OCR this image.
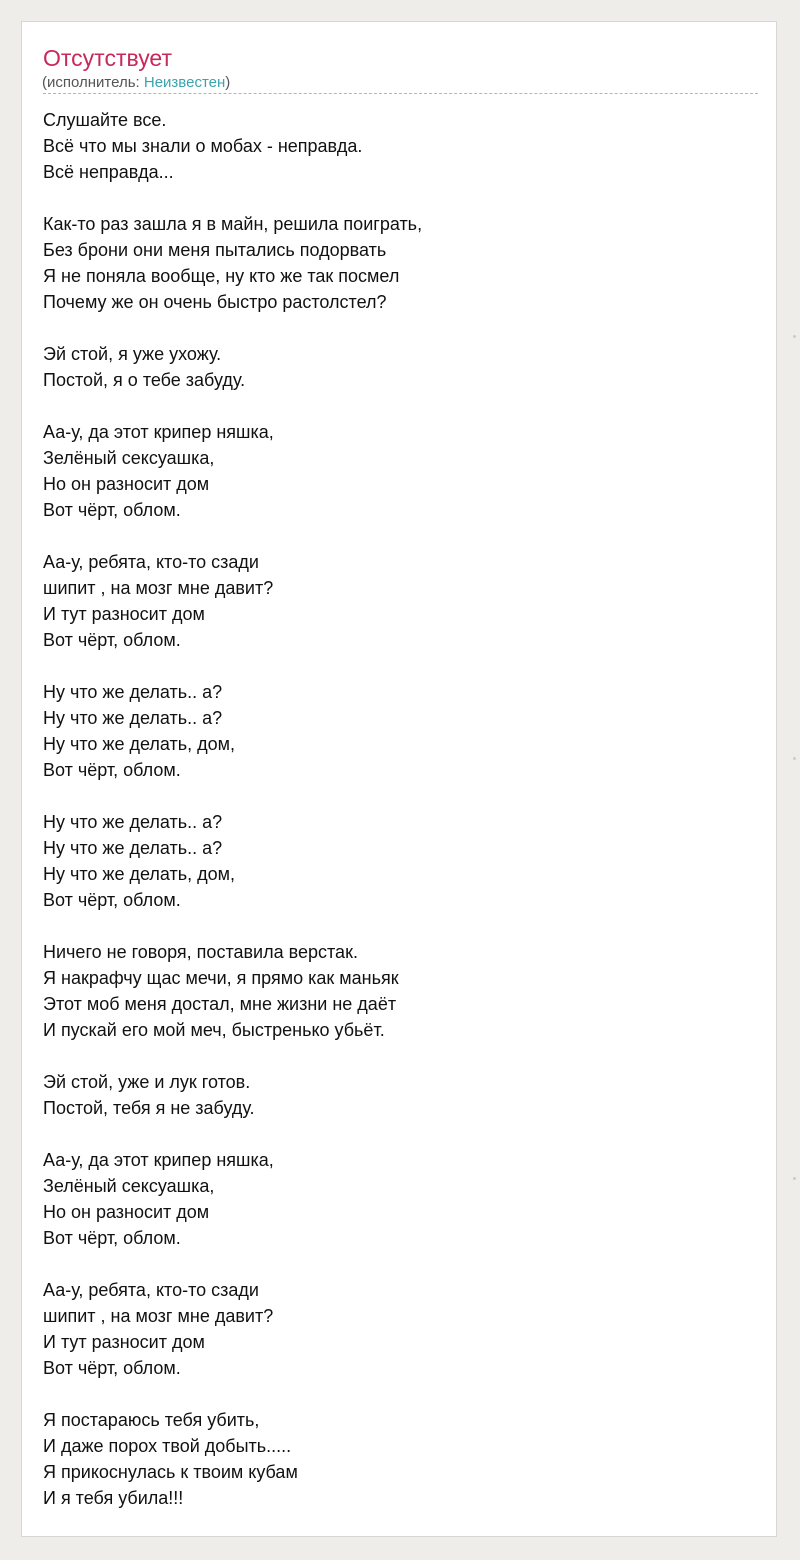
Отсутствует
(исполнитель: Неизвестен)
Слушайте все.
Всё что мы знали о мобах - неправда.
Всё неправда...
Как-то раз зашла я в майн, решила поиграть,
Без брони они меня пытались подорвать
Я не поняла вообще, ну кто же так посмел
Почему же он очень быстро растолстел?
Эй стой, я уже ухожу.
Постой, я о тебе забуду.
Аа-у, да этот крипер няшка,
Зелёный сексуашка,
Но он разносит дом
Вот чёрт, облом.
Аа-у, ребята, кто-то сзади
шипит , на мозг мне давит?
И тут разносит дом
Вот чёрт, облом.
Ну что же делать.. а?
Ну что же делать.. а?
Ну что же делать, дом,
Вот чёрт, облом.
Ну что же делать.. а?
Ну что же делать.. а?
Ну что же делать, дом,
Вот чёрт, облом.
Ничего не говоря, поставила верстак.
Я накрафчу щас мечи, я прямо как маньяк
Этот моб меня достал, мне жизни не даёт
И пускай его мой меч, быстренько убьёт.
Эй стой, уже и лук готов.
Постой, тебя я не забуду.
Аа-у, да этот крипер няшка,
Зелёный сексуашка,
Но он разносит дом
Вот чёрт, облом.
Аа-у, ребята, кто-то сзади
шипит , на мозг мне давит?
И тут разносит дом
Вот чёрт, облом.
Я постараюсь тебя убить,
И даже порох твой добыть.....
Я прикоснулась к твоим кубам
И я тебя убила!!!
